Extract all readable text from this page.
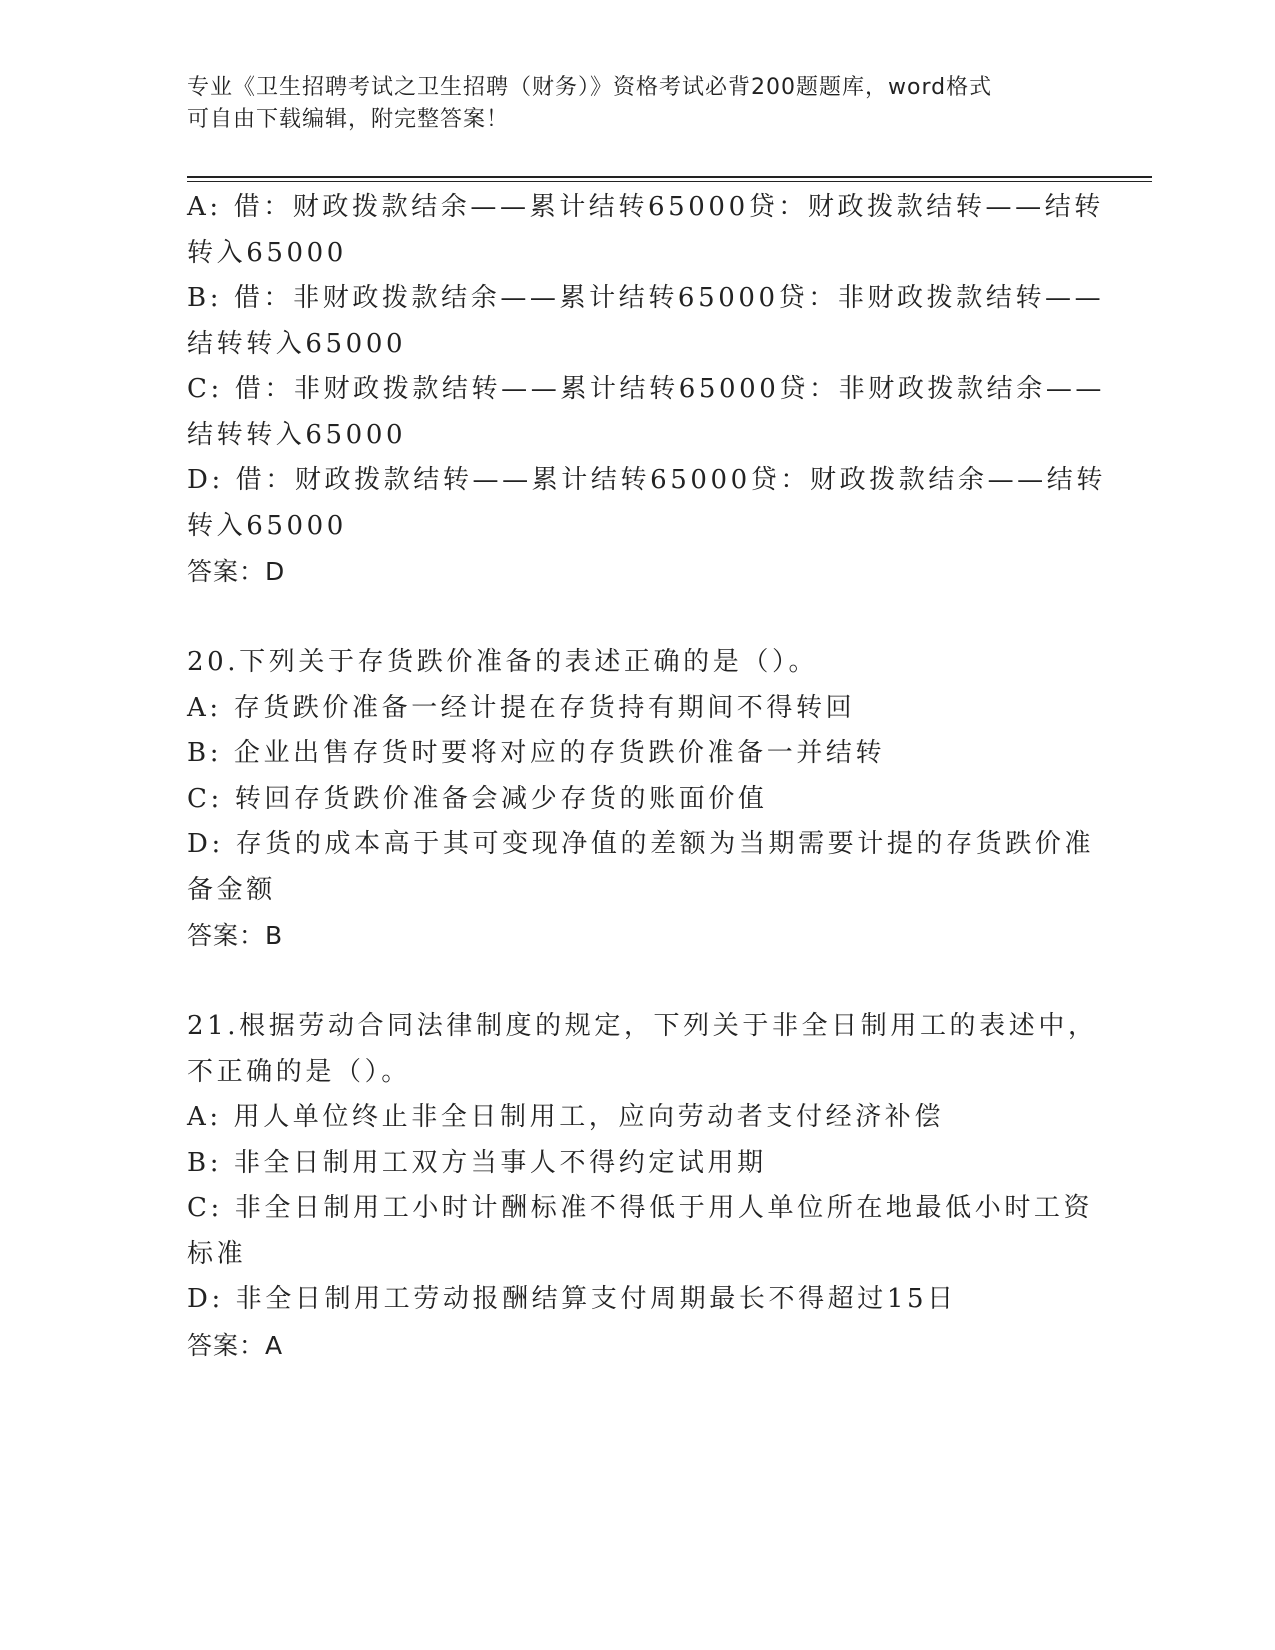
专业《卫生招聘考试之卫生招聘（财务）》资格考试必背200题题库，word格式
可自由下载编辑，附完整答案！

A: 借：财政拨款结余——累计结转65000贷：财政拨款结转——结转

转入65000

B: 借：非财政拨款结余——累计结转65000贷：非财政拨款结转——

结转转入65000

C: 借：非财政拨款结转——累计结转65000贷：非财政拨款结余——

结转转入65000

D: 借：财政拨款结转——累计结转65000贷：财政拨款结余——结转

转入65000

答案：D

20.下列关于存货跌价准备的表述正确的是（）。

A: 存货跌价准备一经计提在存货持有期间不得转回

B: 企业出售存货时要将对应的存货跌价准备一并结转

C: 转回存货跌价准备会减少存货的账面价值

D: 存货的成本高于其可变现净值的差额为当期需要计提的存货跌价准

备金额

答案：B

21.根据劳动合同法律制度的规定，下列关于非全日制用工的表述中，

不正确的是（）。

A: 用人单位终止非全日制用工，应向劳动者支付经济补偿

B: 非全日制用工双方当事人不得约定试用期

C: 非全日制用工小时计酬标准不得低于用人单位所在地最低小时工资

标准

D: 非全日制用工劳动报酬结算支付周期最长不得超过15日

答案：A
